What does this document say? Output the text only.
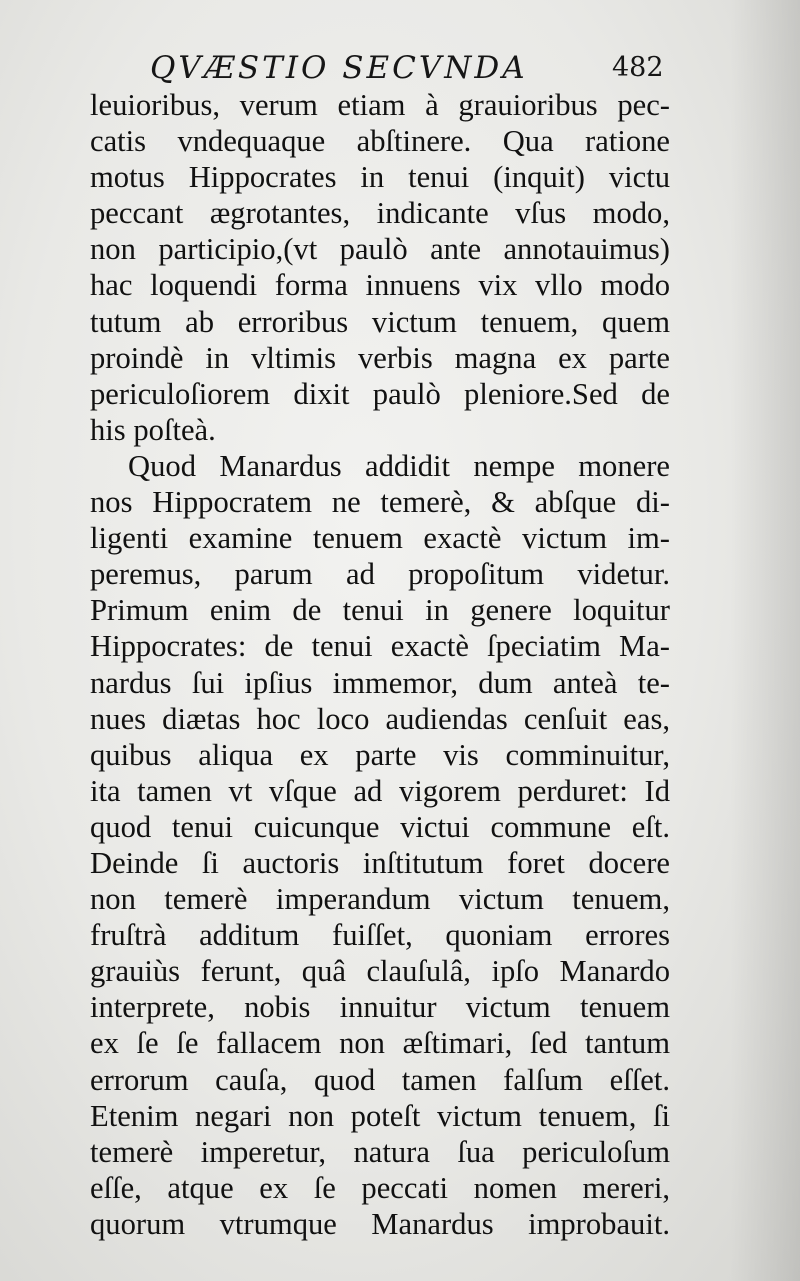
QVÆSTIO SECVNDA	482
leuioribus, verum etiam à grauioribus pec-
catis vndequaque abſtinere. Qua ratione
motus Hippocrates in tenui (inquit) victu
peccant ægrotantes, indicante vſus modo,
non participio,(vt paulò ante annotauimus)
hac loquendi forma innuens vix vllo modo
tutum ab erroribus victum tenuem, quem
proindè in vltimis verbis magna ex parte
periculoſiorem dixit paulò pleniore.Sed de
his poſteà.
Quod Manardus addidit nempe monere
nos Hippocratem ne temerè, & abſque di-
ligenti examine tenuem exactè victum im-
peremus, parum ad propoſitum videtur.
Primum enim de tenui in genere loquitur
Hippocrates: de tenui exactè ſpeciatim Ma-
nardus ſui ipſius immemor, dum anteà te-
nues diætas hoc loco audiendas cenſuit eas,
quibus aliqua ex parte vis comminuitur,
ita tamen vt vſque ad vigorem perduret: Id
quod tenui cuicunque victui commune eſt.
Deinde ſi auctoris inſtitutum foret docere
non temerè imperandum victum tenuem,
fruſtrà additum fuiſſet, quoniam errores
grauiùs ferunt, quâ clauſulâ, ipſo Manardo
interprete, nobis innuitur victum tenuem
ex ſe ſe fallacem non æſtimari, ſed tantum
errorum cauſa, quod tamen falſum eſſet.
Etenim negari non poteſt victum tenuem, ſi
temerè imperetur, natura ſua periculoſum
eſſe, atque ex ſe peccati nomen mereri,
quorum vtrumque Manardus improbauit.
